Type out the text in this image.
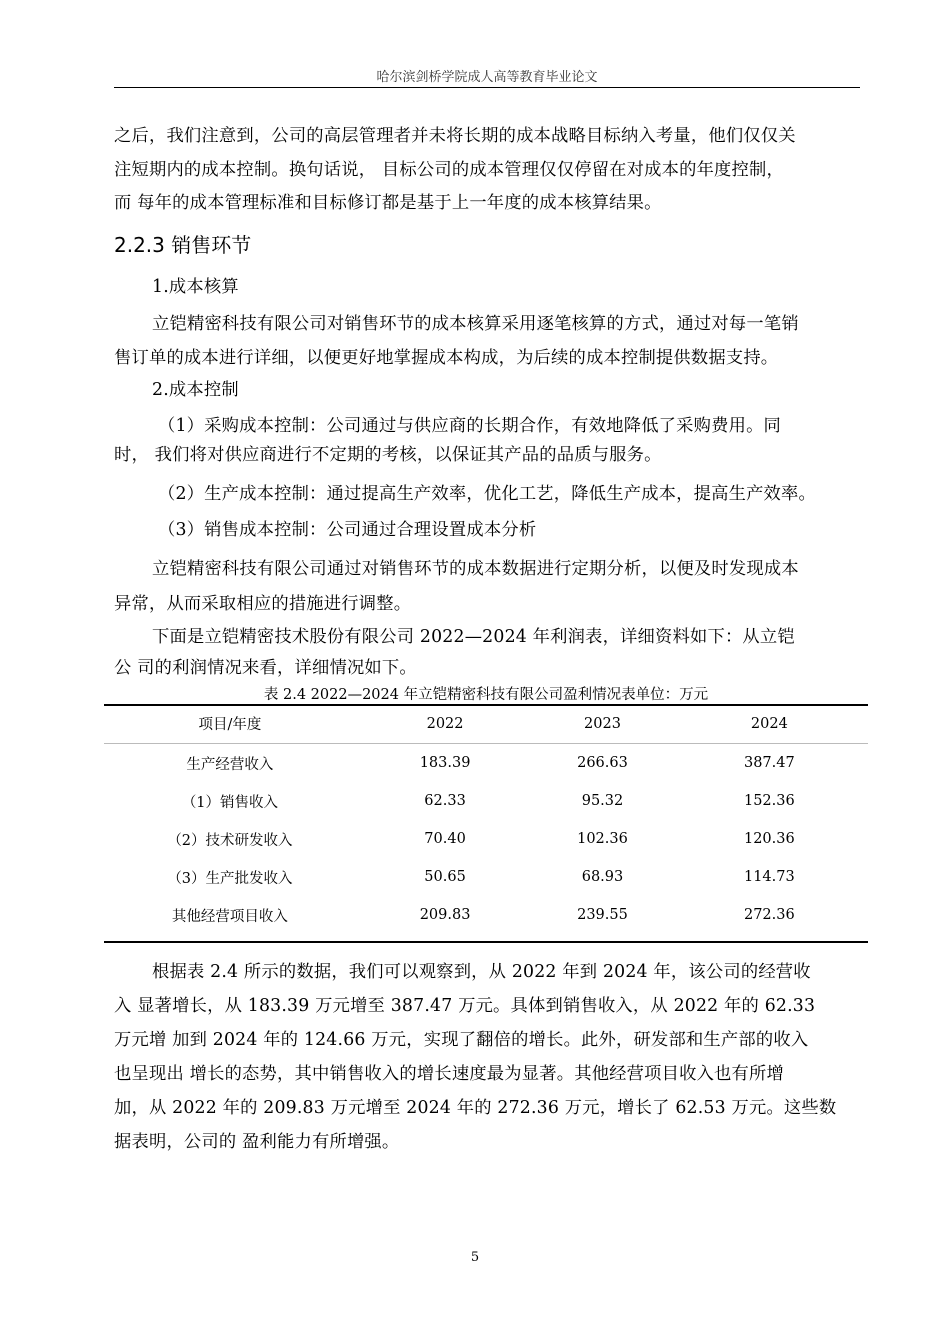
哈尔滨剑桥学院成人高等教育毕业论文
之后，我们注意到，公司的高层管理者并未将长期的成本战略目标纳入考量，他们仅仅关
注短期内的成本控制。换句话说， 目标公司的成本管理仅仅停留在对成本的年度控制，
而 每年的成本管理标准和目标修订都是基于上一年度的成本核算结果。
2.2.3 销售环节
1.成本核算
立铠精密科技有限公司对销售环节的成本核算采用逐笔核算的方式，通过对每一笔销
售订单的成本进行详细，以便更好地掌握成本构成，为后续的成本控制提供数据支持。
2.成本控制
（1）采购成本控制：公司通过与供应商的长期合作，有效地降低了采购费用。同
时， 我们将对供应商进行不定期的考核，以保证其产品的品质与服务。
（2）生产成本控制：通过提高生产效率，优化工艺，降低生产成本，提高生产效率。
（3）销售成本控制：公司通过合理设置成本分析
立铠精密科技有限公司通过对销售环节的成本数据进行定期分析，以便及时发现成本
异常，从而采取相应的措施进行调整。
下面是立铠精密技术股份有限公司 2022—2024 年利润表，详细资料如下：从立铠
公 司的利润情况来看，详细情况如下。
表 2.4 2022—2024 年立铠精密科技有限公司盈利情况表单位：万元
项目/年度	2022	2023	2024
生产经营收入	183.39	266.63	387.47
（1）销售收入	62.33	95.32	152.36
（2）技术研发收入	70.40	102.36	120.36
（3）生产批发收入	50.65	68.93	114.73
其他经营项目收入	209.83	239.55	272.36
根据表 2.4 所示的数据，我们可以观察到，从 2022 年到 2024 年，该公司的经营收
入 显著增长，从 183.39 万元增至 387.47 万元。具体到销售收入，从 2022 年的 62.33
万元增 加到 2024 年的 124.66 万元，实现了翻倍的增长。此外，研发部和生产部的收入
也呈现出 增长的态势，其中销售收入的增长速度最为显著。其他经营项目收入也有所增
加，从 2022 年的 209.83 万元增至 2024 年的 272.36 万元，增长了 62.53 万元。这些数
据表明，公司的 盈利能力有所增强。
5
